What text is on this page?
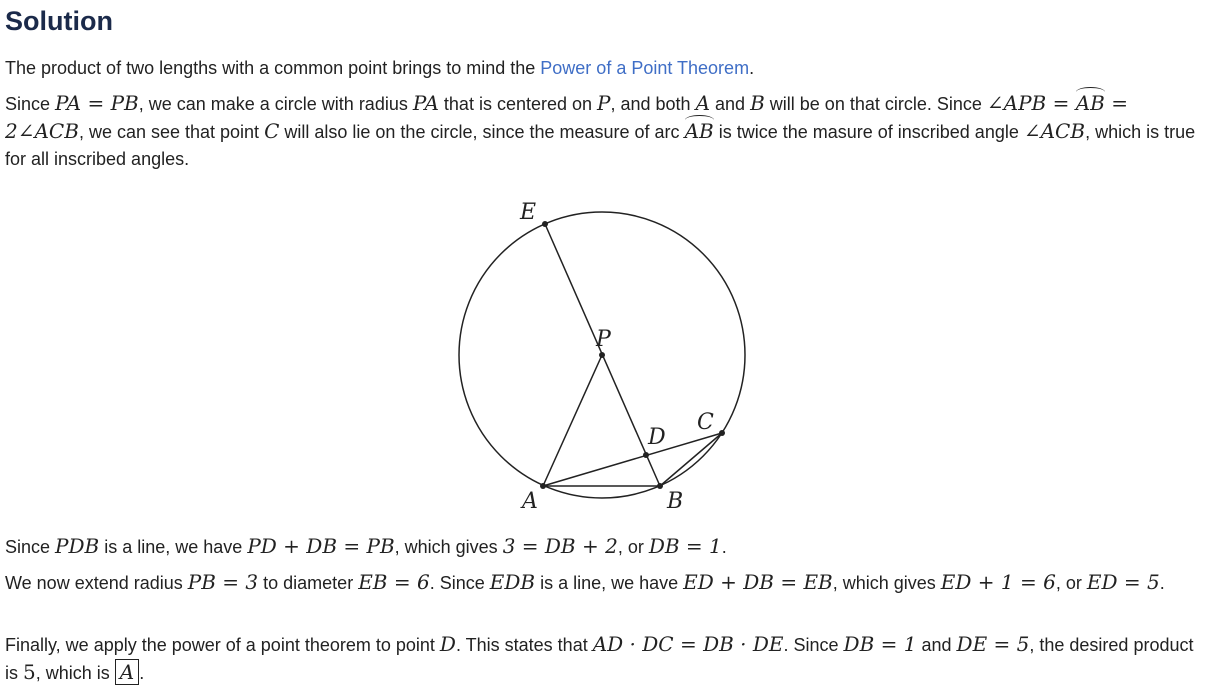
Solution

The product of two lengths with a common point brings to mind the Power of a Point Theorem.

Since PA = PB, we can make a circle with radius PA that is centered on P, and both A and B will be on that circle. Since ∠APB = AB = 2∠ACB, we can see that point C will also lie on the circle, since the measure of arc AB is twice the masure of inscribed angle ∠ACB, which is true for all inscribed angles.

E
P
C
D
A	B

Since PDB is a line, we have PD + DB = PB, which gives 3 = DB + 2, or DB = 1.

We now extend radius PB = 3 to diameter EB = 6. Since EDB is a line, we have ED + DB = EB, which gives ED + 1 = 6, or ED = 5.

Finally, we apply the power of a point theorem to point D. This states that AD · DC = DB · DE. Since DB = 1 and DE = 5, the desired product is 5, which is A .
